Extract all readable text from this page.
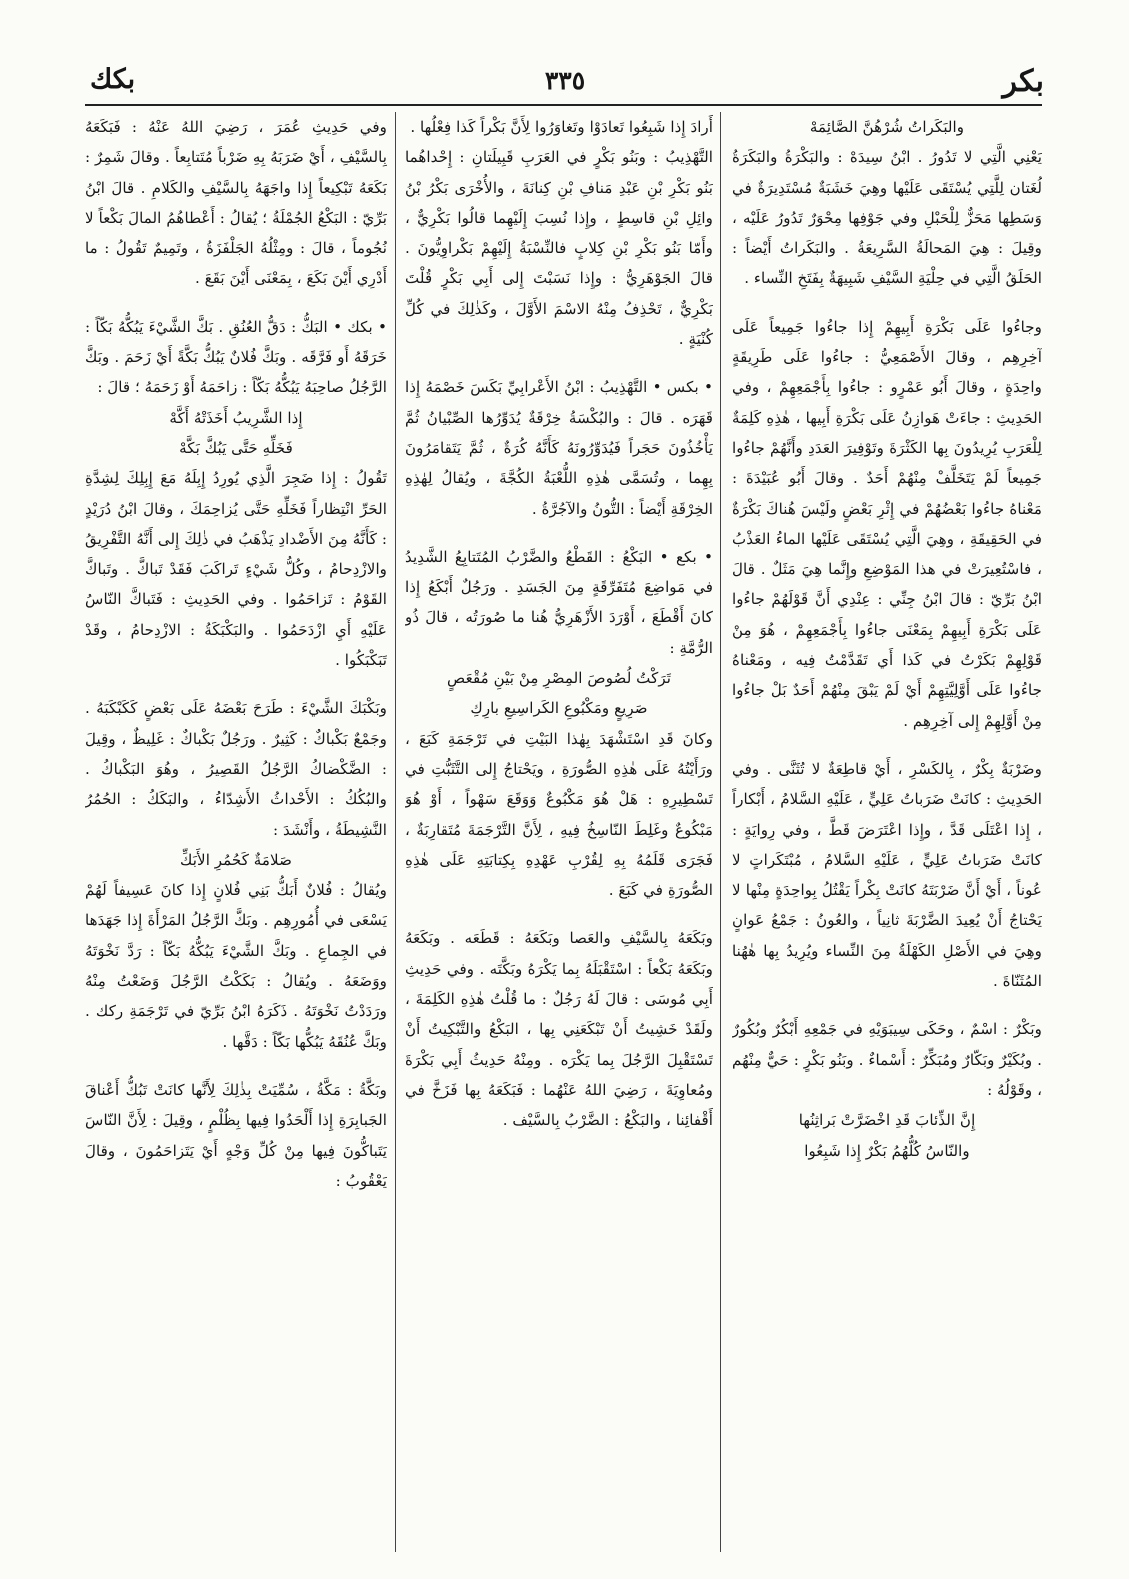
بكر
٣٣٥
بكك

والبَكَراتُ شُرْهُنَّ الصَّائِمَهْ

يَعْنِي الَّتِي لا تَدُورُ . ابْنُ سِيدَهْ : والبَكْرَةُ والبَكَرَةُ لُغَتان لِلَّتِي يُسْتَقَى عَلَيْها وهِيَ خَشَبَةٌ مُسْتَدِيرَةٌ في وَسَطِها مَحَزٌّ لِلْحَبْلِ وفي جَوْفِها مِحْوَرٌ تَدُورُ عَلَيْه ، وقِيلَ : هِيَ المَحالَةُ السَّرِيعَةُ . والبَكَراتُ أَيْضاً : الحَلَقُ الَّتِي في حِلْيَةِ السَّيْفِ شَبِيهَةٌ بِفَتَخِ النِّساء .

وجاءُوا عَلَى بَكْرَةِ أَبِيهِمْ إِذا جاءُوا جَمِيعاً عَلَى آخِرِهِم ، وقالَ الأَصْمَعِيُّ : جاءُوا عَلَى طَرِيقَةٍ واحِدَةٍ ، وقالَ أَبُو عَمْرٍو : جاءُوا بِأَجْمَعِهِمْ ، وفي الحَدِيثِ : جاءَتْ هَوازِنُ عَلَى بَكْرَةِ أَبِيها ، هٰذِهِ كَلِمَةٌ لِلْعَرَبِ يُرِيدُونَ بِها الكَثْرَةَ وتَوْفِيرَ العَدَدِ وأَنَّهُمْ جاءُوا جَمِيعاً لَمْ يَتَخَلَّفْ مِنْهُمْ أَحَدٌ . وقالَ أَبُو عُبَيْدَةَ : مَعْناهُ جاءُوا بَعْضُهُمْ في إِثْرِ بَعْضٍ ولَيْسَ هُناكَ بَكْرَةٌ في الحَقِيقَةِ ، وهِيَ الَّتِي يُسْتَقَى عَلَيْها الماءُ العَذْبُ ، فاسْتُعِيرَتْ في هذا المَوْضِعِ وإِنَّما هِيَ مَثَلٌ . قالَ ابْنُ بَرِّيّ : قالَ ابْنُ جِنِّي : عِنْدِي أَنَّ قَوْلَهُمْ جاءُوا عَلَى بَكْرَةِ أَبِيهِمْ بِمَعْنَى جاءُوا بِأَجْمَعِهِمْ ، هُوَ مِنْ قَوْلِهِمْ بَكَرْتُ في كَذا أَي تَقَدَّمْتُ فِيه ، ومَعْناهُ جاءُوا عَلَى أَوَّلِيَّتِهِمْ أَيْ لَمْ يَبْقَ مِنْهُمْ أَحَدٌ بَلْ جاءُوا مِنْ أَوَّلِهِمْ إِلى آخِرِهِم .

وضَرْبَةٌ بِكْرٌ ، بِالكَسْرِ ، أَيْ قاطِعَةٌ لا تُثَنَّى . وفي الحَدِيثِ : كانَتْ ضَرَباتُ عَلِيٍّ ، عَلَيْهِ السَّلامُ ، أَبْكاراً ، إِذا اعْتَلَى قَدَّ ، وإِذا اعْتَرَضَ قَطَّ ، وفي رِوايَةٍ : كانَتْ ضَرَباتُ عَلِيٍّ ، عَلَيْهِ السَّلامُ ، مُبْتَكَراتٍ لا عُوناً ، أَيْ أَنَّ ضَرْبَتَهُ كانَتْ بِكْراً يَقْتُلُ بِواحِدَةٍ مِنْها لا يَحْتاجُ أَنْ يُعِيدَ الضَّرْبَةَ ثانِياً ، والعُونُ : جَمْعُ عَوانٍ وهِيَ في الأَصْلِ الكَهْلَةُ مِنَ النِّساء ويُرِيدُ بِها هٰهُنا المُثَنّاةَ .

وبَكْرٌ : اسْمٌ ، وحَكَى سِيبَوَيْهِ في جَمْعِهِ أَبْكُرٌ وبُكُورٌ . وبُكَيْرٌ وبَكّارٌ ومُبَكِّرٌ : أَسْماءٌ . وبَنُو بَكْرٍ : حَيٌّ مِنْهُم ، وقَوْلُهُ :

إِنَّ الذِّئابَ قَدِ اخْضَرَّتْ بَراثِنُها

والنّاسُ كُلُّهُمُ بَكْرٌ إِذا شَبِعُوا

أَرادَ إِذا شَبِعُوا تَعادَوْا وتَغاوَرُوا لِأَنَّ بَكْراً كَذا فِعْلُها .

التَّهْذِيبُ : وبَنُو بَكْرٍ في العَرَبِ قَبِيلَتانِ : إِحْداهُما بَنُو بَكْرِ بْنِ عَبْدِ مَنافِ بْنِ كِنانَةَ ، والأُخْرَى بَكْرُ بْنُ وائِلِ بْنِ قاسِطٍ ، وإِذا نُسِبَ إِلَيْهِما قالُوا بَكْرِيٌّ ، وأَمّا بَنُو بَكْرِ بْنِ كِلابٍ فالنِّسْبَةُ إِلَيْهِمْ بَكْراوِيُّونَ . قالَ الجَوْهَرِيُّ : وإِذا نَسَبْتَ إِلى أَبِي بَكْرٍ قُلْتَ بَكْرِيٌّ ، تَحْذِفُ مِنْهُ الاسْمَ الأَوَّلَ ، وكَذٰلِكَ في كُلِّ كُنْيَةٍ .

• بكس • التَّهْذِيبُ : ابْنُ الأَعْرابِيِّ بَكَسَ خَصْمَهُ إِذا قَهَرَه . قالَ : والبُكْسَةُ خِرْقَةٌ يُدَوِّرُها الصِّبْيانُ ثُمَّ يَأْخُذُونَ حَجَراً فَيُدَوِّرُونَهُ كَأَنَّهُ كُرَةٌ ، ثُمَّ يَتَقامَرُونَ بِهِما ، وتُسَمَّى هٰذِهِ اللُّعْبَةُ الكُجَّةَ ، ويُقالُ لِهٰذِهِ الخِرْقَةِ أَيْضاً : التُّونُ والآجُرَّةُ .

• بكع • البَكْعُ : القَطْعُ والضَّرْبُ المُتَتابِعُ الشَّدِيدُ في مَواضِعَ مُتَفَرِّقَةٍ مِنَ الجَسَدِ . ورَجُلٌ أَبْكَعُ إِذا كانَ أَقْطَعَ ، أَوْرَدَ الأَزْهَرِيُّ هُنا ما صُورَتُه ، قالَ ذُو الرُّمَّةِ :

تَرَكْتُ لُصُوصَ المِصْرِ مِنْ بَيْنِ مُقْعَصٍ

صَرِيعٍ ومَكْبُوعِ الكَراسِيعِ بارِكِ

وكانَ قَدِ اسْتَشْهَدَ بِهٰذا البَيْتِ في تَرْجَمَةِ كَبَعَ ، ورَأَيْتُهُ عَلَى هٰذِهِ الصُّورَةِ ، ويَحْتاجُ إِلى التَّثَبُّتِ في تَسْطِيرِهِ : هَلْ هُوَ مَكْبُوعٌ وَوَقَعَ سَهْواً ، أَوْ هُوَ مَبْكُوعٌ وغَلِطَ النّاسِخُ فِيهِ ، لِأَنَّ التَّرْجَمَةَ مُتَقارِبَةٌ ، فَجَرَى قَلَمُهُ بِهِ لِقُرْبِ عَهْدِهِ بِكِتابَتِهِ عَلَى هٰذِهِ الصُّورَةِ في كَبَعَ .

وبَكَعَهُ بِالسَّيْفِ والعَصا وبَكَعَهُ : قَطَعَه . وبَكَعَهُ وبَكَعَهُ بَكْعاً : اسْتَقْبَلَهُ بِما يَكْرَهُ وبَكَّتَه . وفي حَدِيثِ أَبِي مُوسَى : قالَ لَهُ رَجُلٌ : ما قُلْتُ هٰذِهِ الكَلِمَةَ ، ولَقَدْ خَشِيتُ أَنْ تَبْكَعَنِي بِها ، البَكْعُ والتَّبْكِيتُ أَنْ تَسْتَقْبِلَ الرَّجُلَ بِما يَكْرَه . ومِنْهُ حَدِيثُ أَبِي بَكْرَةَ ومُعاوِيَةَ ، رَضِيَ اللهُ عَنْهُما : فَبَكَعَهُ بِها فَزَخَّ في أَقْفائِنا ، والبَكْعُ : الضَّرْبُ بِالسَّيْف .

وفي حَدِيثِ عُمَرَ ، رَضِيَ اللهُ عَنْهُ : فَبَكَعَهُ بِالسَّيْفِ ، أَيْ ضَرَبَهُ بِهِ ضَرْباً مُتَتابِعاً . وقالَ شَمِرٌ : بَكَعَهُ تَبْكِيعاً إِذا واجَهَهُ بِالسَّيْفِ والكَلامِ . قالَ ابْنُ بَرِّيّ : البَكْعُ الجُمْلَةُ ؛ يُقالُ : أَعْطاهُمُ المالَ بَكْعاً لا نُجُوماً ، قالَ : ومِثْلُهُ الجَلْفَزَةُ ، وتَمِيمٌ تَقُولُ : ما أَدْرِي أَيْنَ بَكَعَ ، بِمَعْنَى أَيْنَ بَقَعَ .

• بكك • البَكُّ : دَقُّ العُنُقِ . بَكَّ الشَّيْءَ يَبُكُّهُ بَكّاً : خَرَقَهُ أَو فَرَّقَه . وبَكَّ فُلانٌ يَبُكُّ بَكَّةً أَيْ زَحَمَ . وبَكَّ الرَّجُلُ صاحِبَهُ يَبُكُّهُ بَكّاً : زاحَمَهُ أَوْ زَحَمَهُ ؛ قالَ :

إِذا الشَّرِيبُ أَخَذَتْهُ أَكَّهْ

فَخَلِّهِ حَتَّى يَبُكَّ بَكَّهْ

تَقُولُ : إِذا ضَجِرَ الَّذِي يُورِدُ إِبِلَهُ مَعَ إِبِلِكَ لِشِدَّةِ الحَرِّ انْتِظاراً فَخَلِّهِ حَتَّى يُزاحِمَكَ ، وقالَ ابْنُ دُرَيْدٍ : كَأَنَّهُ مِنَ الأَضْدادِ يَذْهَبُ في ذٰلِكَ إِلى أَنَّهُ التَّفْرِيقُ والازْدِحامُ ، وكُلُّ شَيْءٍ تَراكَبَ فَقَدْ تَباكَّ . وتَباكَّ القَوْمُ : تَزاحَمُوا . وفي الحَدِيثِ : فَتَباكَّ النّاسُ عَلَيْهِ أَيِ ازْدَحَمُوا . والبَكْبَكَةُ : الازْدِحامُ ، وقَدْ تَبَكْبَكُوا .

وبَكْبَكَ الشَّيْءَ : طَرَحَ بَعْضَهُ عَلَى بَعْضٍ كَكَبْكَبَهُ . وجَمْعٌ بَكْباكٌ : كَثِيرٌ . ورَجُلٌ بَكْباكٌ : غَلِيظٌ ، وقِيلَ : الضَّكْضاكُ الرَّجُلُ القَصِيرُ ، وهُوَ البَكْباكُ . والبُكُكُ : الأَحْداثُ الأَشِدّاءُ ، والبَكَكُ : الحُمُرُ النَّشِيطَةُ ، وأَنْشَدَ :

صَلامَةٌ كَحُمُرِ الأَبَكِّ

ويُقالُ : فُلانٌ أَبَكُّ بَنِي فُلانٍ إِذا كانَ عَسِيفاً لَهُمْ يَسْعَى في أُمُورِهِم . وبَكَّ الرَّجُلُ المَرْأَةَ إِذا جَهَدَها في الجِماعِ . وبَكَّ الشَّيْءَ يَبُكُّهُ بَكّاً : رَدَّ نَخْوَتَهُ ووَضَعَهُ . ويُقالُ : بَكَكْتُ الرَّجُلَ وَضَعْتُ مِنْهُ ورَدَدْتُ نَخْوَتَهُ . ذَكَرَهُ ابْنُ بَرِّيّ في تَرْجَمَةِ ركك . وبَكَّ عُنُقَهُ يَبُكُّها بَكّاً : دَقَّها .

وبَكَّةُ : مَكَّةُ ، سُمِّيَتْ بِذٰلِكَ لِأَنَّها كانَتْ تَبُكُّ أَعْناقَ الجَبابِرَةِ إِذا أَلْحَدُوا فِيها بِظُلْمٍ ، وقِيلَ : لِأَنَّ النّاسَ يَتَباكُّونَ فِيها مِنْ كُلِّ وَجْهٍ أَيْ يَتَزاحَمُونَ ، وقالَ يَعْقُوبُ :
